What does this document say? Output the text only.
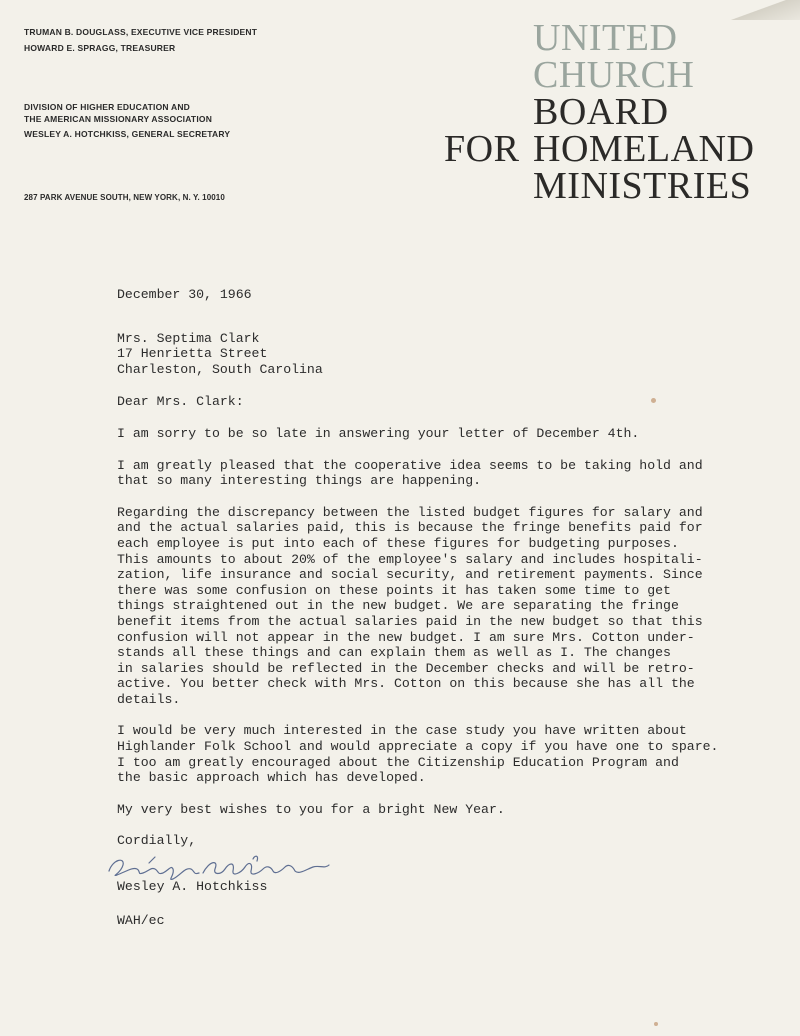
TRUMAN B. DOUGLASS, EXECUTIVE VICE PRESIDENT
HOWARD E. SPRAGG, TREASURER
DIVISION OF HIGHER EDUCATION AND
THE AMERICAN MISSIONARY ASSOCIATION
WESLEY A. HOTCHKISS, GENERAL SECRETARY
287 PARK AVENUE SOUTH, NEW YORK, N. Y. 10010
UNITED
CHURCH
BOARD
FOR HOMELAND
MINISTRIES

December 30, 1966

Mrs. Septima Clark

17 Henrietta Street

Charleston, South Carolina

Dear Mrs. Clark:

I am sorry to be so late in answering your letter of December 4th.

I am greatly pleased that the cooperative idea seems to be taking hold and

that so many interesting things are happening.

Regarding the discrepancy between the listed budget figures for salary and

and the actual salaries paid, this is because the fringe benefits paid for

each employee is put into each of these figures for budgeting purposes.

This amounts to about 20% of the employee's salary and includes hospitali-

zation, life insurance and social security, and retirement payments. Since

there was some confusion on these points it has taken some time to get

things straightened out in the new budget. We are separating the fringe

benefit items from the actual salaries paid in the new budget so that this

confusion will not appear in the new budget. I am sure Mrs. Cotton under-

stands all these things and can explain them as well as I. The changes

in salaries should be reflected in the December checks and will be retro-

active. You better check with Mrs. Cotton on this because she has all the

details.

I would be very much interested in the case study you have written about

Highlander Folk School and would appreciate a copy if you have one to spare.

I too am greatly encouraged about the Citizenship Education Program and

the basic approach which has developed.

My very best wishes to you for a bright New Year.

Cordially,

Wesley A. Hotchkiss

WAH/ec
